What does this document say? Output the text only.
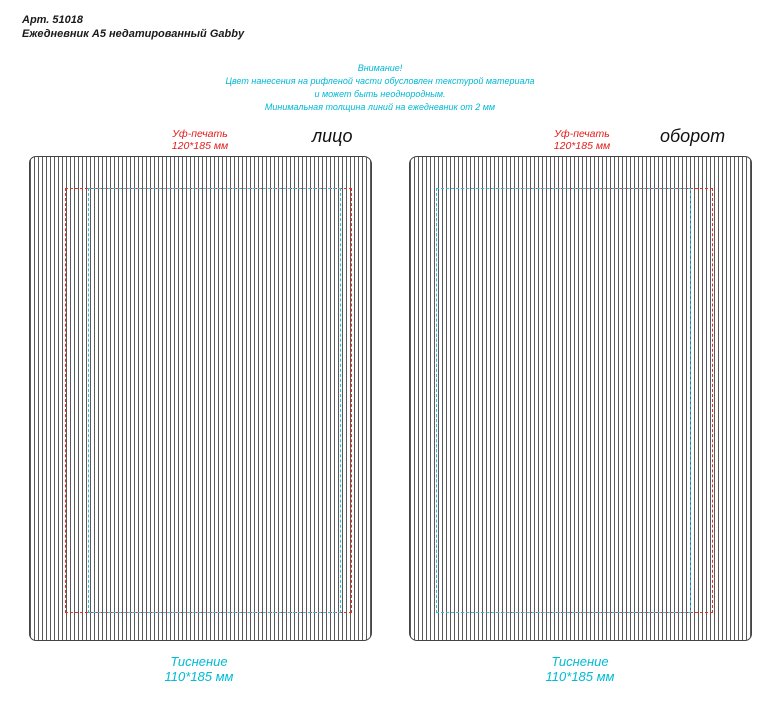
Арт. 51018
Ежедневник А5 недатированный Gabby
Внимание!
Цвет нанесения на рифленой части обусловлен текстурой материала
и может быть неоднородным.
Минимальная толщина линий на ежедневник от 2 мм
Уф-печать
120*185 мм	лицо
Тиснение
110*185 мм
Уф-печать
120*185 мм	оборот
Тиснение
110*185 мм
